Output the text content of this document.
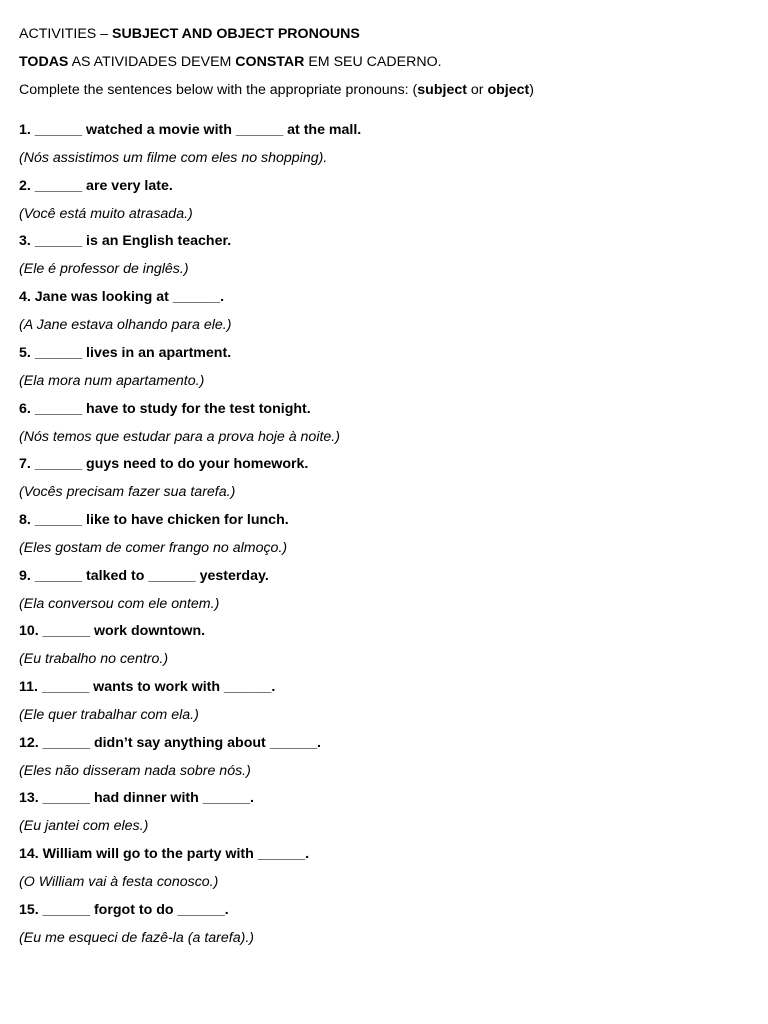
ACTIVITIES – SUBJECT AND OBJECT PRONOUNS
TODAS AS ATIVIDADES DEVEM CONSTAR EM SEU CADERNO.
Complete the sentences below with the appropriate pronouns: (subject or object)
1. ______ watched a movie with ______ at the mall.
(Nós assistimos um filme com eles no shopping).
2. ______ are very late.
(Você está muito atrasada.)
3. ______ is an English teacher.
(Ele é professor de inglês.)
4. Jane was looking at ______.
(A Jane estava olhando para ele.)
5. ______ lives in an apartment.
(Ela mora num apartamento.)
6. ______ have to study for the test tonight.
(Nós temos que estudar para a prova hoje à noite.)
7. ______ guys need to do your homework.
(Vocês precisam fazer sua tarefa.)
8. ______ like to have chicken for lunch.
(Eles gostam de comer frango no almoço.)
9. ______ talked to ______ yesterday.
(Ela conversou com ele ontem.)
10. ______ work downtown.
(Eu trabalho no centro.)
11. ______ wants to work with ______.
(Ele quer trabalhar com ela.)
12. ______ didn’t say anything about ______.
(Eles não disseram nada sobre nós.)
13. ______ had dinner with ______.
(Eu jantei com eles.)
14. William will go to the party with ______.
(O William vai à festa conosco.)
15. ______ forgot to do ______.
(Eu me esqueci de fazê-la (a tarefa).)
